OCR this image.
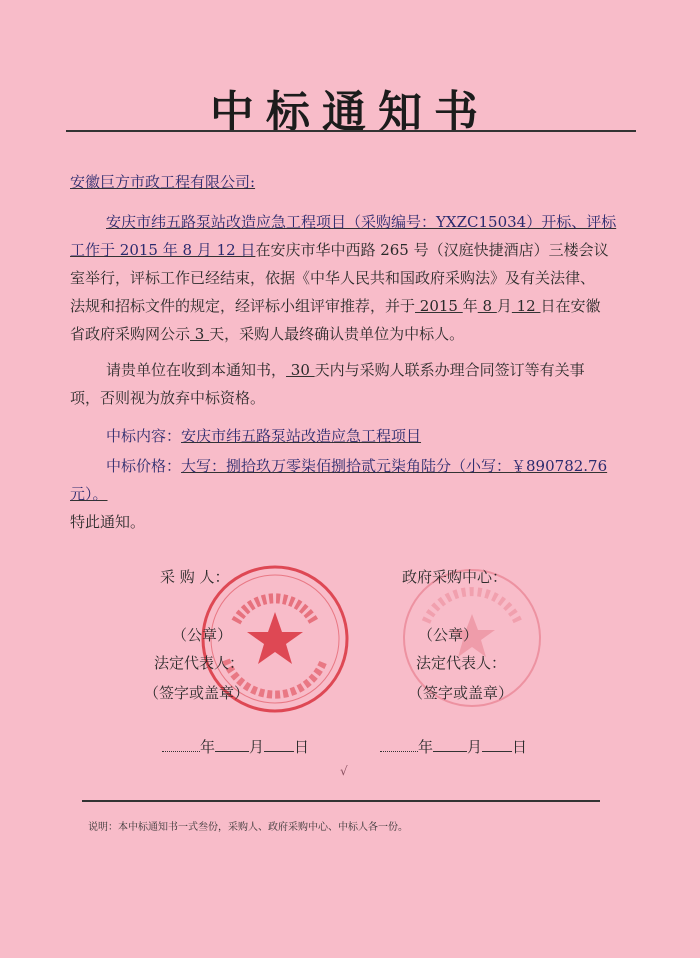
中标通知书
安徽巨方市政工程有限公司:
安庆市纬五路泵站改造应急工程项目（采购编号：YXZC15034）开标、评标
工作于 2015 年 8 月 12 日在安庆市华中西路 265 号（汉庭快捷酒店）三楼会议
室举行，评标工作已经结束，依据《中华人民共和国政府采购法》及有关法律、
法规和招标文件的规定，经评标小组评审推荐，并于 2015 年 8 月 12 日在安徽
省政府采购网公示 3 天，采购人最终确认贵单位为中标人。
请贵单位在收到本通知书， 30 天内与采购人联系办理合同签订等有关事
项，否则视为放弃中标资格。
中标内容：安庆市纬五路泵站改造应急工程项目
中标价格：大写：捌拾玖万零柒佰捌拾贰元柒角陆分（小写：￥890782.76
元）。
特此通知。
采 购 人：
（公章）
法定代表人：
（签字或盖章）
政府采购中心：
（公章）
法定代表人：
（签字或盖章）
年 月 日	年 月 日
√
说明：本中标通知书一式叁份，采购人、政府采购中心、中标人各一份。
